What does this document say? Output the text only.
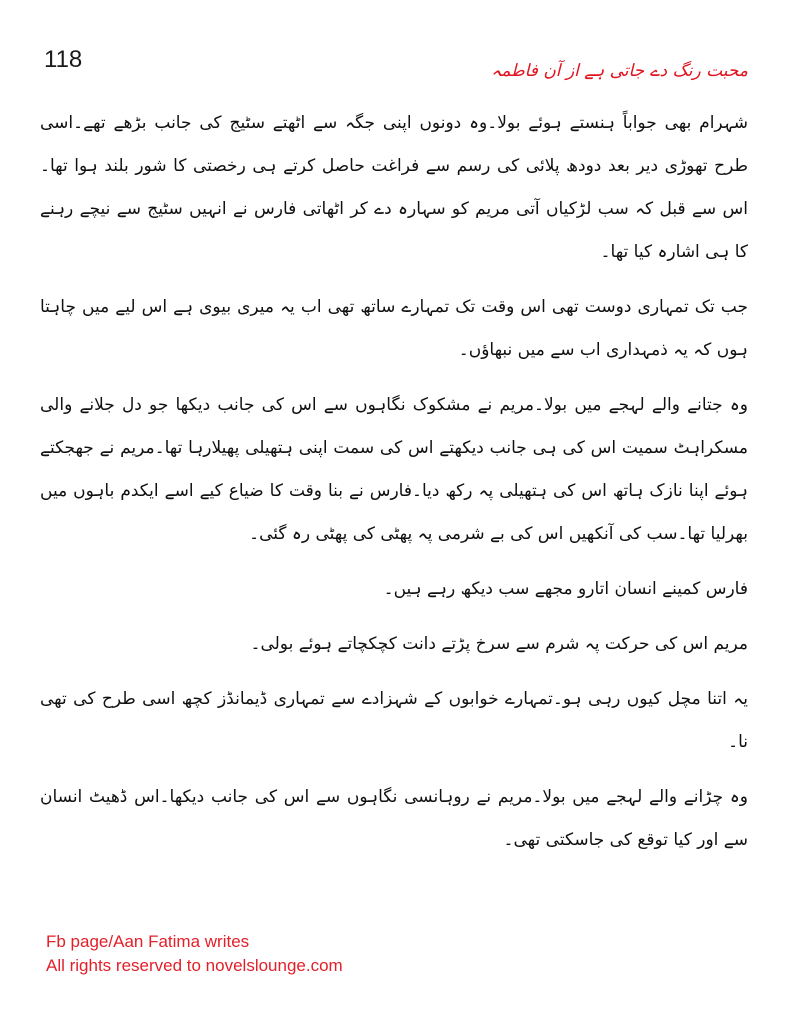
118	محبت رنگ دے جاتی ہے از آن فاطمہ

شہرام بھی جواباً ہنستے ہوئے بولا۔وہ دونوں اپنی جگہ سے اٹھتے سٹیج کی جانب بڑھے تھے۔اسی طرح تھوڑی دیر بعد دودھ پلائی کی رسم سے فراغت حاصل کرتے ہی رخصتی کا شور بلند ہوا تھا۔اس سے قبل کہ سب لڑکیاں آتی مریم کو سہارہ دے کر اٹھاتی فارس نے انہیں سٹیج سے نیچے رہنے کا ہی اشارہ کیا تھا۔

جب تک تمہاری دوست تھی اس وقت تک تمہارے ساتھ تھی اب یہ میری بیوی ہے اس لیے میں چاہتا ہوں کہ یہ ذمہداری اب سے میں نبھاؤں۔

وہ جتانے والے لہجے میں بولا۔مریم نے مشکوک نگاہوں سے اس کی جانب دیکھا جو دل جلانے والی مسکراہٹ سمیت اس کی ہی جانب دیکھتے اس کی سمت اپنی ہتھیلی پھیلارہا تھا۔مریم نے جھجکتے ہوئے اپنا نازک ہاتھ اس کی ہتھیلی پہ رکھ دیا۔فارس نے بنا وقت کا ضیاع کیے اسے ایکدم باہوں میں بھرلیا تھا۔سب کی آنکھیں اس کی بے شرمی پہ پھٹی کی پھٹی رہ گئی۔

فارس کمینے انسان اتارو مجھے سب دیکھ رہے ہیں۔

مریم اس کی حرکت پہ شرم سے سرخ پڑتے دانت کچکچاتے ہوئے بولی۔

یہ اتنا مچل کیوں رہی ہو۔تمہارے خوابوں کے شہزادے سے تمہاری ڈیمانڈز کچھ اسی طرح کی تھی نا۔

وہ چڑانے والے لہجے میں بولا۔مریم نے روہانسی نگاہوں سے اس کی جانب دیکھا۔اس ڈھیٹ انسان سے اور کیا توقع کی جاسکتی تھی۔

Fb page/Aan Fatima writes
All rights reserved to novelslounge.com
